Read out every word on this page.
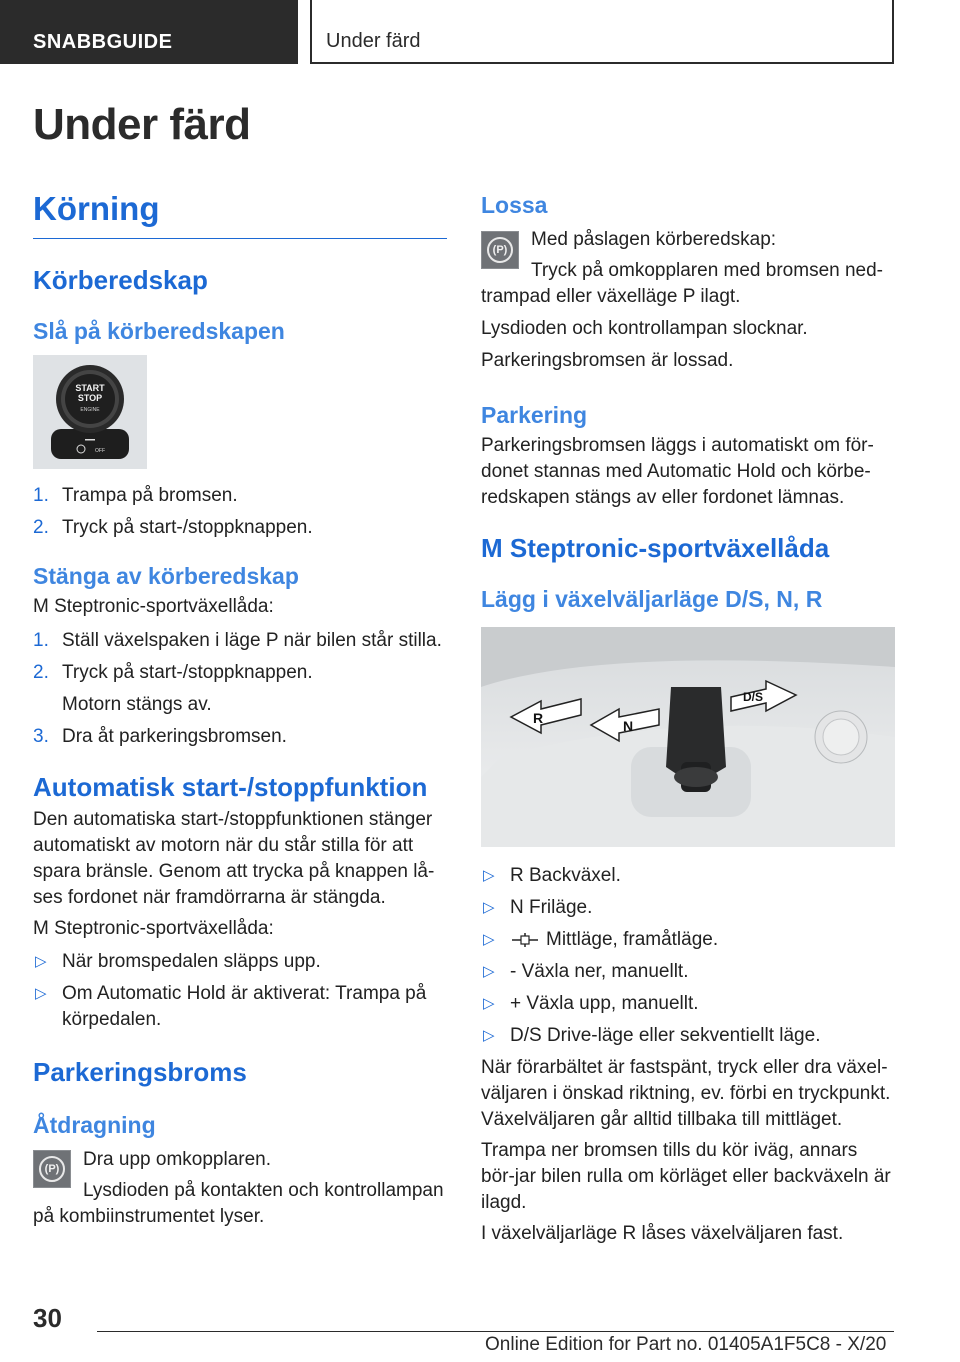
SNABBGUIDE	Under färd
Under färd
Körning
Körberedskap
Slå på körberedskapen
START
STOP
ENGINE
OFF
1. Trampa på bromsen.
2. Tryck på start-/stoppknappen.
Stänga av körberedskap

M Steptronic-sportväxellåda:

1. Ställ växelspaken i läge P när bilen står stilla.
2. Tryck på start-/stoppknappen.

Motorn stängs av.

3. Dra åt parkeringsbromsen.
Automatisk start-/stoppfunktion

Den automatiska start-/stoppfunktionen stänger automatiskt av motorn när du står stilla för att spara bränsle. Genom att trycka på knappen lå-ses fordonet när framdörrarna är stängda.

M Steptronic-sportväxellåda:

▷ När bromspedalen släpps upp.
▷ Om Automatic Hold är aktiverat: Trampa på körpedalen.
Parkeringsbroms
Åtdragning
(P)	Dra upp omkopplaren.

Lysdioden på kontakten och kontrollampan på kombiinstrumentet lyser.

Lossa
(P)	Med påslagen körberedskap:

Tryck på omkopplaren med bromsen ned-trampad eller växelläge P ilagt.

Lysdioden och kontrollampan slocknar.

Parkeringsbromsen är lossad.

Parkering

Parkeringsbromsen läggs i automatiskt om för-donet stannas med Automatic Hold och körbe-redskapen stängs av eller fordonet lämnas.

M Steptronic-sportväxellåda
Lägg i växelväljarläge D/S, N, R
R	N
D/S
▷ R Backväxel.
▷ N Friläge.
▷	Mittläge, framåtläge.
▷ - Växla ner, manuellt.
▷ + Växla upp, manuellt.
▷ D/S Drive-läge eller sekventiellt läge.

När förarbältet är fastspänt, tryck eller dra växel-väljaren i önskad riktning, ev. förbi en tryckpunkt. Växelväljaren går alltid tillbaka till mittläget.

Trampa ner bromsen tills du kör iväg, annars bör-jar bilen rulla om körläget eller backväxeln är ilagd.

I växelväljarläge R låses växelväljaren fast.

30
Online Edition for Part no. 01405A1F5C8 - X/20
